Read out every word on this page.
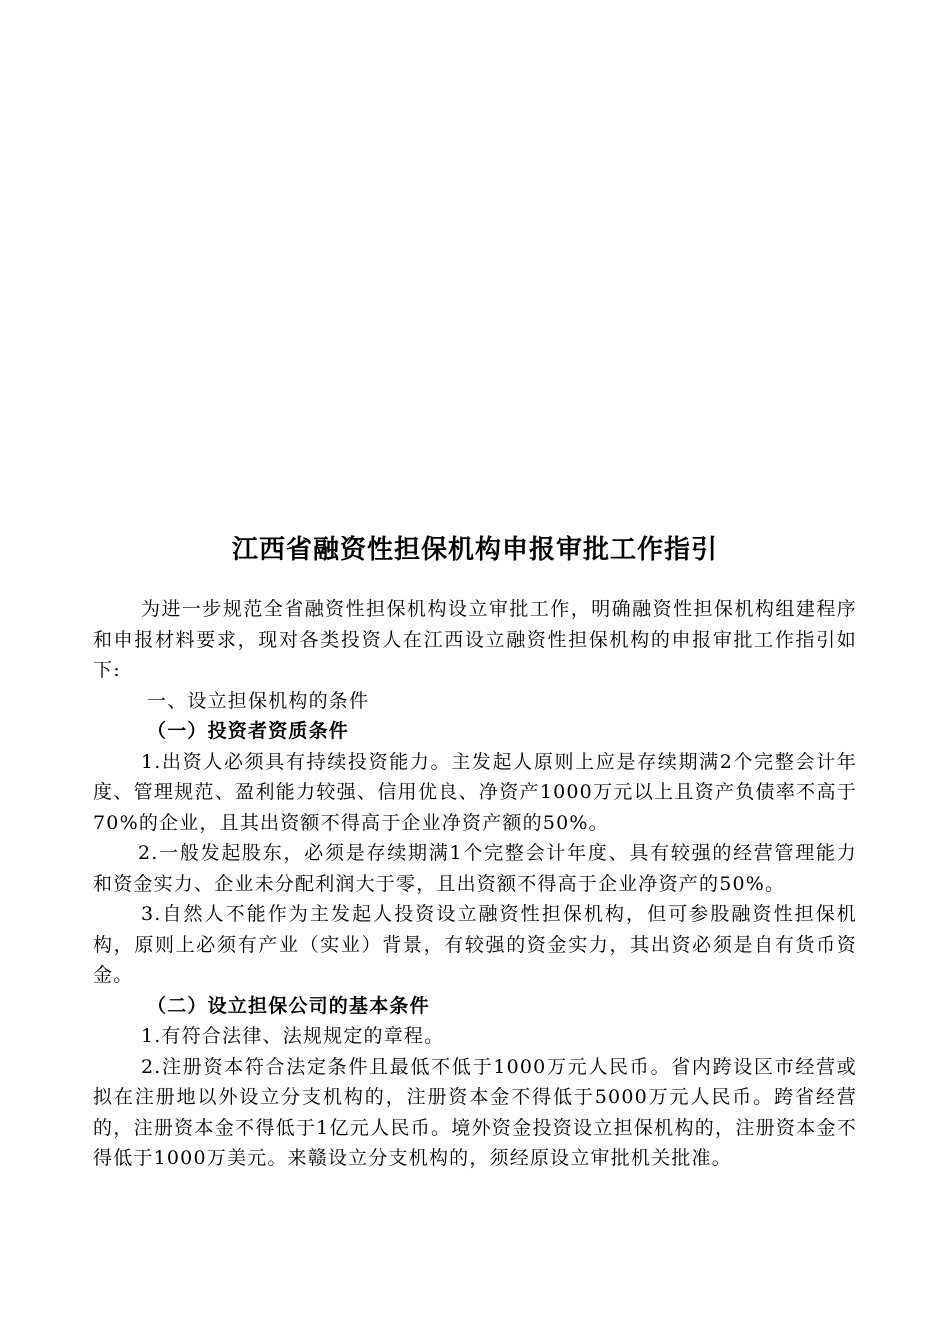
江西省融资性担保机构申报审批工作指引

为进一步规范全省融资性担保机构设立审批工作，明确融资性担保机构组建程序和申报材料要求，现对各类投资人在江西设立融资性担保机构的申报审批工作指引如下:

一、设立担保机构的条件

（一）投资者资质条件

1.出资人必须具有持续投资能力。主发起人原则上应是存续期满2个完整会计年度、管理规范、盈利能力较强、信用优良、净资产1000万元以上且资产负债率不高于70%的企业，且其出资额不得高于企业净资产额的50%。

2.一般发起股东，必须是存续期满1个完整会计年度、具有较强的经营管理能力和资金实力、企业未分配利润大于零，且出资额不得高于企业净资产的50%。

3.自然人不能作为主发起人投资设立融资性担保机构，但可参股融资性担保机构，原则上必须有产业（实业）背景，有较强的资金实力，其出资必须是自有货币资金。

（二）设立担保公司的基本条件

1.有符合法律、法规规定的章程。

2.注册资本符合法定条件且最低不低于1000万元人民币。省内跨设区市经营或拟在注册地以外设立分支机构的，注册资本金不得低于5000万元人民币。跨省经营的，注册资本金不得低于1亿元人民币。境外资金投资设立担保机构的，注册资本金不得低于1000万美元。来赣设立分支机构的，须经原设立审批机关批准。
